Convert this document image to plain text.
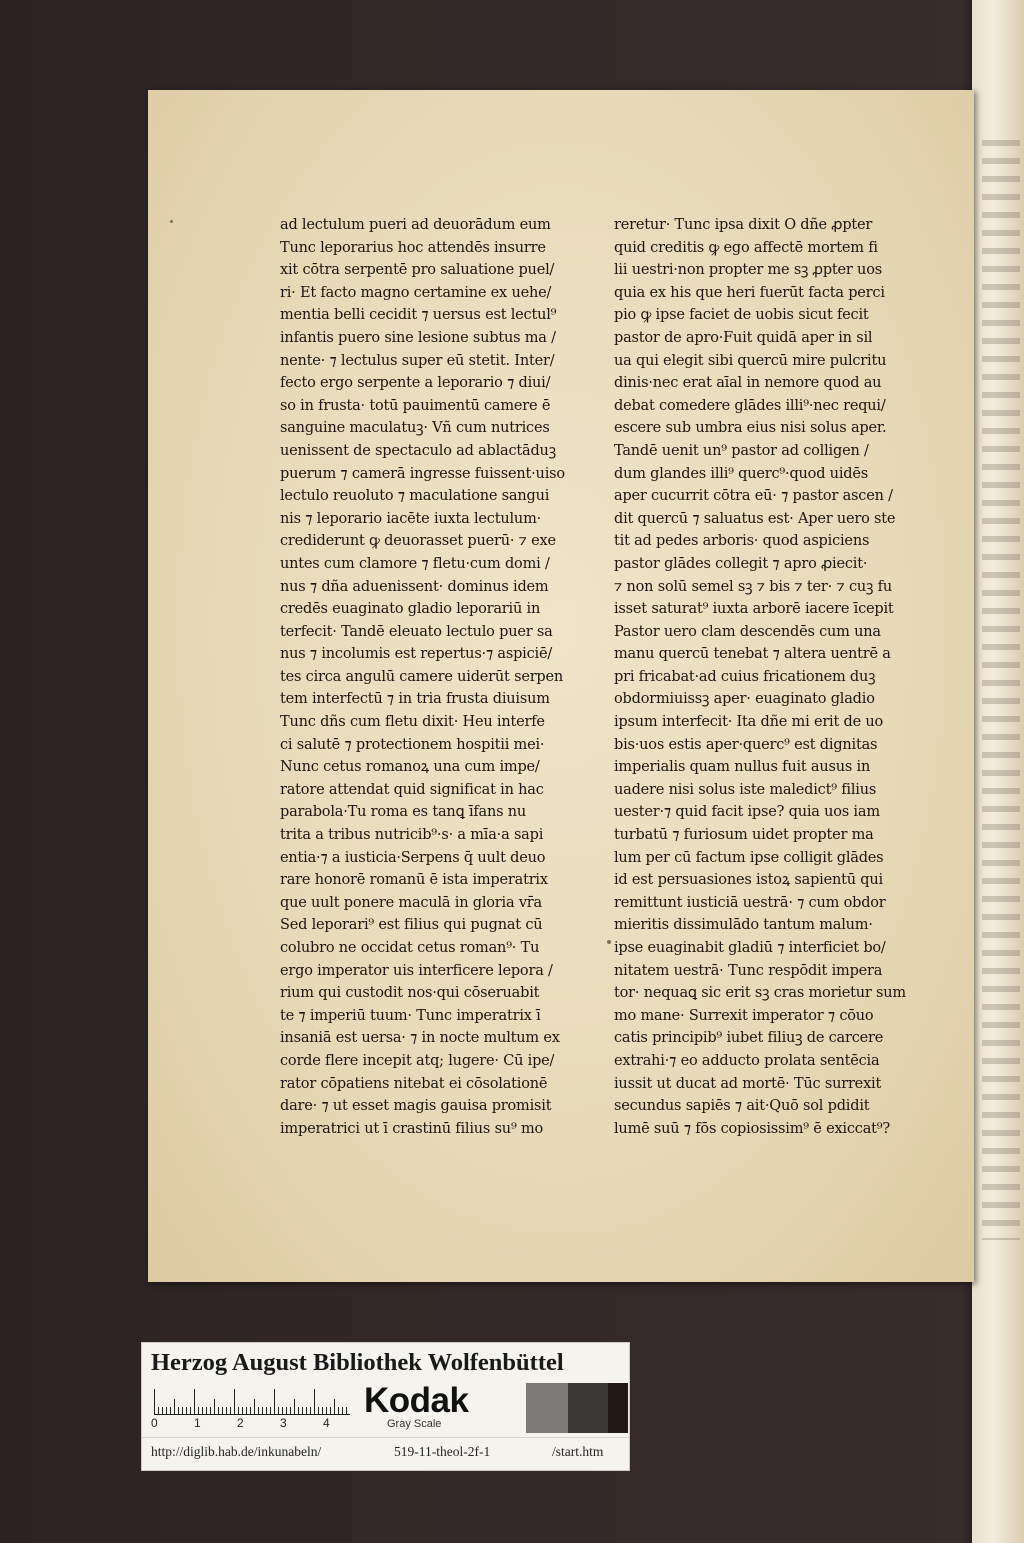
ad lectulum pueri ad deuorādum eum
Tunc leporarius hoc attendēs insurre
xit cōtra serpentē pro saluatione puel/
ri· Et facto magno certamine ex uehe/
mentia belli cecidit ⁊ uersus est lectul⁹
infantis puero sine lesione subtus ma /
nente· ⁊ lectulus super eū stetit. Inter/
fecto ergo serpente a leporario ⁊ diui/
so in frusta· totū pauimentū camere ē
sanguine maculatuꝫ· Vñ cum nutrices
uenissent de spectaculo ad ablactāduꝫ
puerum ⁊ camerā ingresse fuissent·uiso
lectulo reuoluto ⁊ maculatione sangui
nis ⁊ leporario iacēte iuxta lectulum·
crediderunt ꝙ deuorasset puerū· ⁊ exe
untes cum clamore ⁊ fletu·cum domi /
nus ⁊ dña aduenissent· dominus idem
credēs euaginato gladio leporariū in
terfecit· Tandē eleuato lectulo puer sa
nus ⁊ incolumis est repertus·⁊ aspiciē/
tes circa angulū camere uiderūt serpen
tem interfectū ⁊ in tria frusta diuisum
Tunc dñs cum fletu dixit· Heu interfe
ci salutē ⁊ protectionem hospitii mei·
Nunc cetus romanoꝝ una cum impe/
ratore attendat quid significat in hac
parabola·Tu roma es tanꝗ īfans nu
trita a tribus nutricib⁹·s· a mīa·a sapi
entia·⁊ a iusticia·Serpens q̄ uult deuo
rare honorē romanū ē ista imperatrix
que uult ponere maculā in gloria vr̄a
Sed leporari⁹ est filius qui pugnat cū
colubro ne occidat cetus roman⁹· Tu
ergo imperator uis interficere lepora /
rium qui custodit nos·qui cōseruabit
te ⁊ imperiū tuum· Tunc imperatrix ī
insaniā est uersa· ⁊ in nocte multum ex
corde flere incepit atq; lugere· Cū ipe/
rator cōpatiens nitebat ei cōsolationē
dare· ⁊ ut esset magis gauisa promisit
imperatrici ut ī crastinū filius su⁹ mo
reretur· Tunc ipsa dixit O dñe ꝓpter
quid creditis ꝙ ego affectē mortem fi
lii uestri·non propter me sꝫ ꝓpter uos
quia ex his que heri fuerūt facta perci
pio ꝙ ipse faciet de uobis sicut fecit
pastor de apro·Fuit quidā aper in sil
ua qui elegit sibi quercū mire pulcritu
dinis·nec erat aīal in nemore quod au
debat comedere glādes illi⁹·nec requi/
escere sub umbra eius nisi solus aper.
Tandē uenit un⁹ pastor ad colligen /
dum glandes illi⁹ querc⁹·quod uidēs
aper cucurrit cōtra eū· ⁊ pastor ascen /
dit quercū ⁊ saluatus est· Aper uero ste
tit ad pedes arboris· quod aspiciens
pastor glādes collegit ⁊ apro ꝓiecit·
⁊ non solū semel sꝫ ⁊ bis ⁊ ter· ⁊ cuꝫ fu
isset saturat⁹ iuxta arborē iacere īcepit
Pastor uero clam descendēs cum una
manu quercū tenebat ⁊ altera uentrē a
pri fricabat·ad cuius fricationem duꝫ
obdormiuissꝫ aper· euaginato gladio
ipsum interfecit· Ita dñe mi erit de uo
bis·uos estis aper·querc⁹ est dignitas
imperialis quam nullus fuit ausus in
uadere nisi solus iste maledict⁹ filius
uester·⁊ quid facit ipse? quia uos iam
turbatū ⁊ furiosum uidet propter ma
lum per cū factum ipse colligit glādes
id est persuasiones istoꝝ sapientū qui
remittunt iusticiā uestrā· ⁊ cum obdor
mieritis dissimulādo tantum malum·
ipse euaginabit gladiū ⁊ interficiet bo/
nitatem uestrā· Tunc respōdit impera
tor· nequaꝗ sic erit sꝫ cras morietur sum
mo mane· Surrexit imperator ⁊ cōuo
catis principib⁹ iubet filiuꝫ de carcere
extrahi·⁊ eo adducto prolata sentēcia
iussit ut ducat ad mortē· Tūc surrexit
secundus sapiēs ⁊ ait·Quō sol pdidit
lumē suū ⁊ fōs copiosissim⁹ ē exiccat⁹?
Herzog August Bibliothek Wolfenbüttel
0	1	2	3	4
Kodak
Gray Scale
http://diglib.hab.de/inkunabeln/	519-11-theol-2f-1	/start.htm
